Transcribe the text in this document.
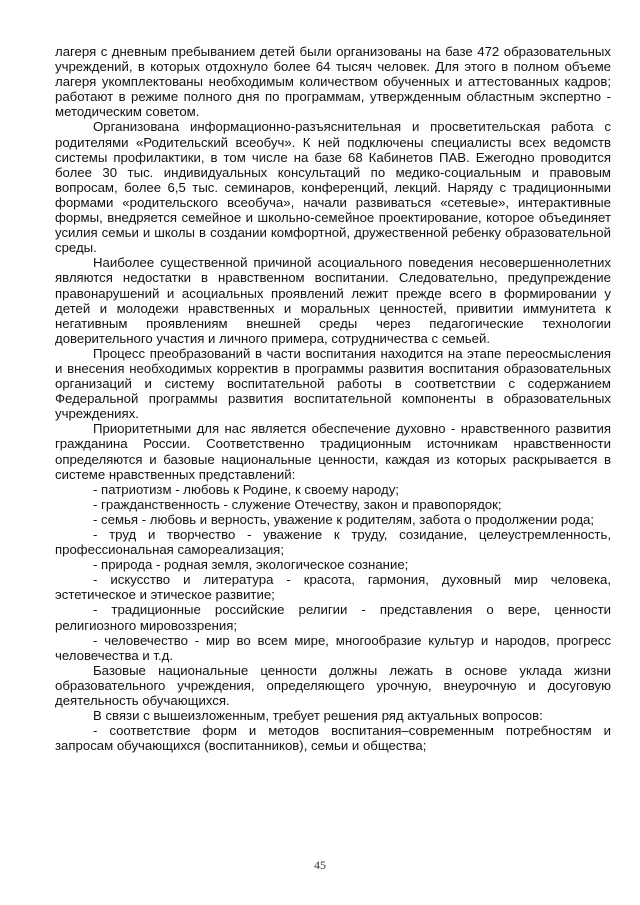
лагеря с дневным пребыванием детей были организованы на базе 472 образовательных учреждений, в которых отдохнуло более 64 тысяч человек. Для этого в полном объеме лагеря укомплектованы необходимым количеством обученных и аттестованных кадров; работают в режиме полного дня по программам, утвержденным областным экспертно - методическим советом.

Организована информационно-разъяснительная и просветительская работа с родителями «Родительский всеобуч». К ней подключены специалисты всех ведомств системы профилактики, в том числе на базе 68 Кабинетов ПАВ. Ежегодно проводится более 30 тыс. индивидуальных консультаций по медико-социальным и правовым вопросам, более 6,5 тыс. семинаров, конференций, лекций. Наряду с традиционными формами «родительского всеобуча», начали развиваться «сетевые», интерактивные формы, внедряется семейное и школьно-семейное проектирование, которое объединяет усилия семьи и школы в создании комфортной, дружественной ребенку образовательной среды.

Наиболее существенной причиной асоциального поведения несовершеннолетних являются недостатки в нравственном воспитании. Следовательно, предупреждение правонарушений и асоциальных проявлений лежит прежде всего в формировании у детей и молодежи нравственных и моральных ценностей, привитии иммунитета к негативным проявлениям внешней среды через педагогические технологии доверительного участия и личного примера, сотрудничества с семьей.

Процесс преобразований в части воспитания находится на этапе переосмысления и внесения необходимых корректив в программы развития воспитания образовательных организаций и систему воспитательной работы в соответствии с содержанием Федеральной программы развития воспитательной компоненты в образовательных учреждениях.

Приоритетными для нас является обеспечение духовно - нравственного развития гражданина России. Соответственно традиционным источникам нравственности определяются и базовые национальные ценности, каждая из которых раскрывается в системе нравственных представлений:

- патриотизм - любовь к Родине, к своему народу;

- гражданственность - служение Отечеству, закон и правопорядок;

- семья - любовь и верность, уважение к родителям, забота о продолжении рода;

- труд и творчество - уважение к труду, созидание, целеустремленность, профессиональная самореализация;

- природа - родная земля, экологическое сознание;

- искусство и литература - красота, гармония, духовный мир человека, эстетическое и этическое развитие;

- традиционные российские религии - представления о вере, ценности религиозного мировоззрения;

- человечество - мир во всем мире, многообразие культур и народов, прогресс человечества и т.д.

Базовые национальные ценности должны лежать в основе уклада жизни образовательного учреждения, определяющего урочную, внеурочную и досуговую деятельность обучающихся.

В связи с вышеизложенным, требует решения ряд актуальных вопросов:

- соответствие форм и методов воспитания–современным потребностям и запросам обучающихся (воспитанников), семьи и общества;

45
